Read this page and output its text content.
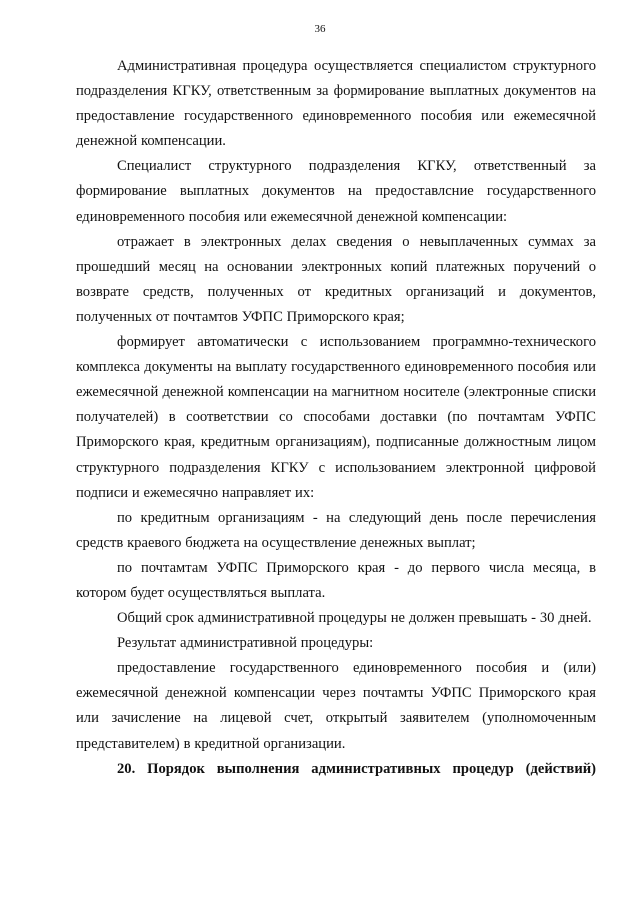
36

Административная процедура осуществляется специалистом структурного подразделения КГКУ, ответственным за формирование выплатных документов на предоставление государственного единовременного пособия или ежемесячной денежной компенсации.

Специалист структурного подразделения КГКУ, ответственный за формирование выплатных документов на предоставлсние государственного единовременного пособия или ежемесячной денежной компенсации:

отражает в электронных делах сведения о невыплаченных суммах за прошедший месяц на основании электронных копий платежных поручений о возврате средств, полученных от кредитных организаций и документов, полученных от почтамтов УФПС Приморского края;

формирует автоматически с использованием программно-технического комплекса документы на выплату государственного единовременного пособия или ежемесячной денежной компенсации на магнитном носителе (электронные списки получателей) в соответствии со способами доставки (по почтамтам УФПС Приморского края, кредитным организациям), подписанные должностным лицом структурного подразделения КГКУ с использованием электронной цифровой подписи и ежемесячно направляет их:

по кредитным организациям - на следующий день после перечисления средств краевого бюджета на осуществление денежных выплат;

по почтамтам УФПС Приморского края - до первого числа месяца, в котором будет осуществляться выплата.

Общий срок административной процедуры не должен превышать - 30 дней.

Результат административной процедуры:

предоставление государственного единовременного пособия и (или) ежемесячной денежной компенсации через почтамты УФПС Приморского края или зачисление на лицевой счет, открытый заявителем (уполномоченным представителем) в кредитной организации.

20. Порядок выполнения административных процедур (действий)
